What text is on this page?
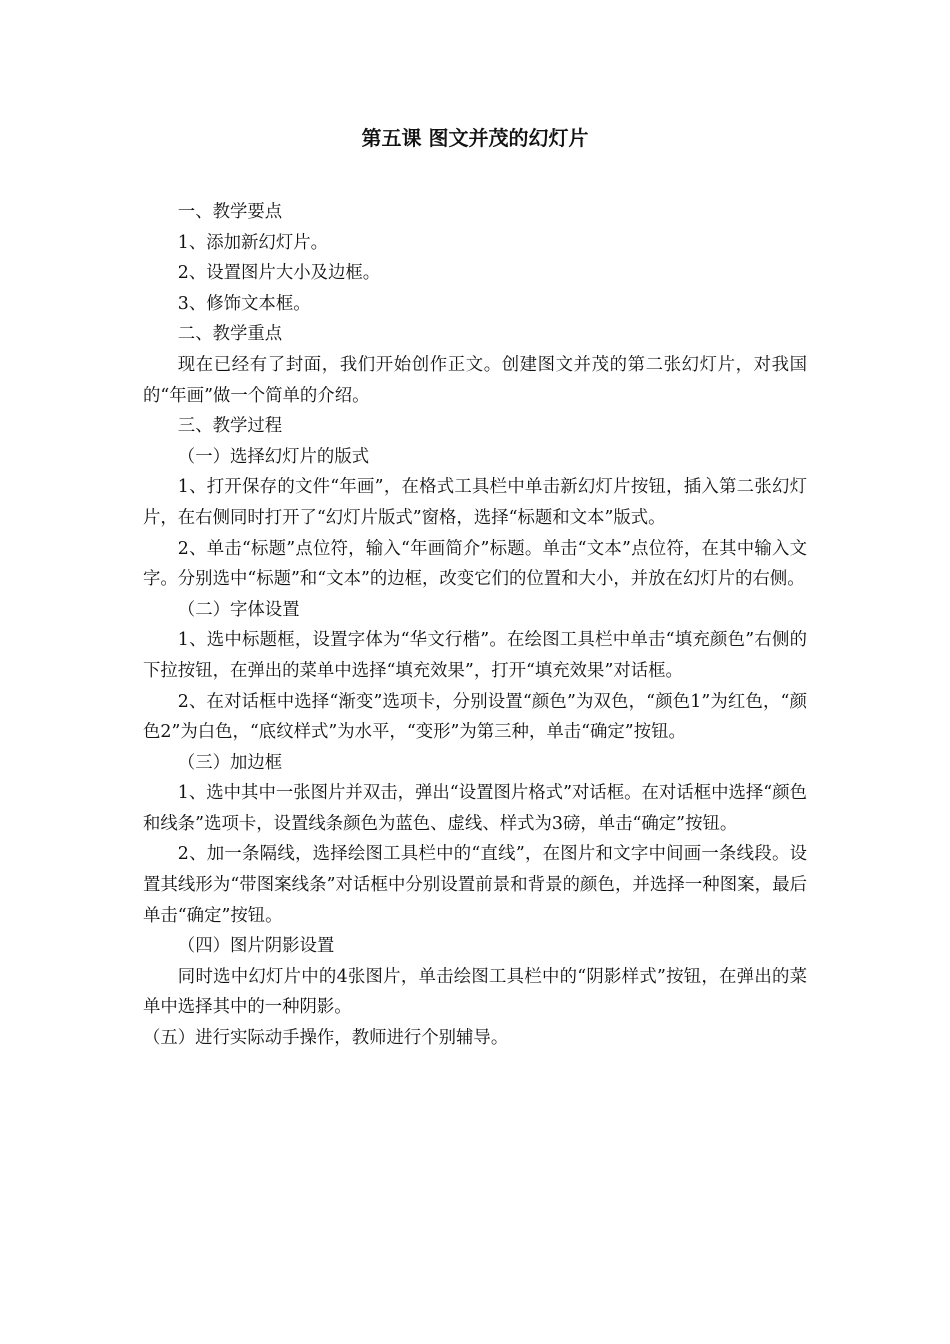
第五课 图文并茂的幻灯片

一、教学要点

1、添加新幻灯片。

2、设置图片大小及边框。

3、修饰文本框。

二、教学重点

现在已经有了封面，我们开始创作正文。创建图文并茂的第二张幻灯片，对我国的“年画”做一个简单的介绍。

三、教学过程

（一）选择幻灯片的版式

1、打开保存的文件“年画”，在格式工具栏中单击新幻灯片按钮，插入第二张幻灯片，在右侧同时打开了“幻灯片版式”窗格，选择“标题和文本”版式。

2、单击“标题”点位符，输入“年画简介”标题。单击“文本”点位符，在其中输入文字。分别选中“标题”和“文本”的边框，改变它们的位置和大小，并放在幻灯片的右侧。

（二）字体设置

1、选中标题框，设置字体为“华文行楷”。在绘图工具栏中单击“填充颜色”右侧的下拉按钮，在弹出的菜单中选择“填充效果”，打开“填充效果”对话框。

2、在对话框中选择“渐变”选项卡，分别设置“颜色”为双色，“颜色1”为红色，“颜色2”为白色，“底纹样式”为水平，“变形”为第三种，单击“确定”按钮。

（三）加边框

1、选中其中一张图片并双击，弹出“设置图片格式”对话框。在对话框中选择“颜色和线条”选项卡，设置线条颜色为蓝色、虚线、样式为3磅，单击“确定”按钮。

2、加一条隔线，选择绘图工具栏中的“直线”，在图片和文字中间画一条线段。设置其线形为“带图案线条”对话框中分别设置前景和背景的颜色，并选择一种图案，最后单击“确定”按钮。

（四）图片阴影设置

同时选中幻灯片中的4张图片，单击绘图工具栏中的“阴影样式”按钮，在弹出的菜单中选择其中的一种阴影。

（五）进行实际动手操作，教师进行个别辅导。
